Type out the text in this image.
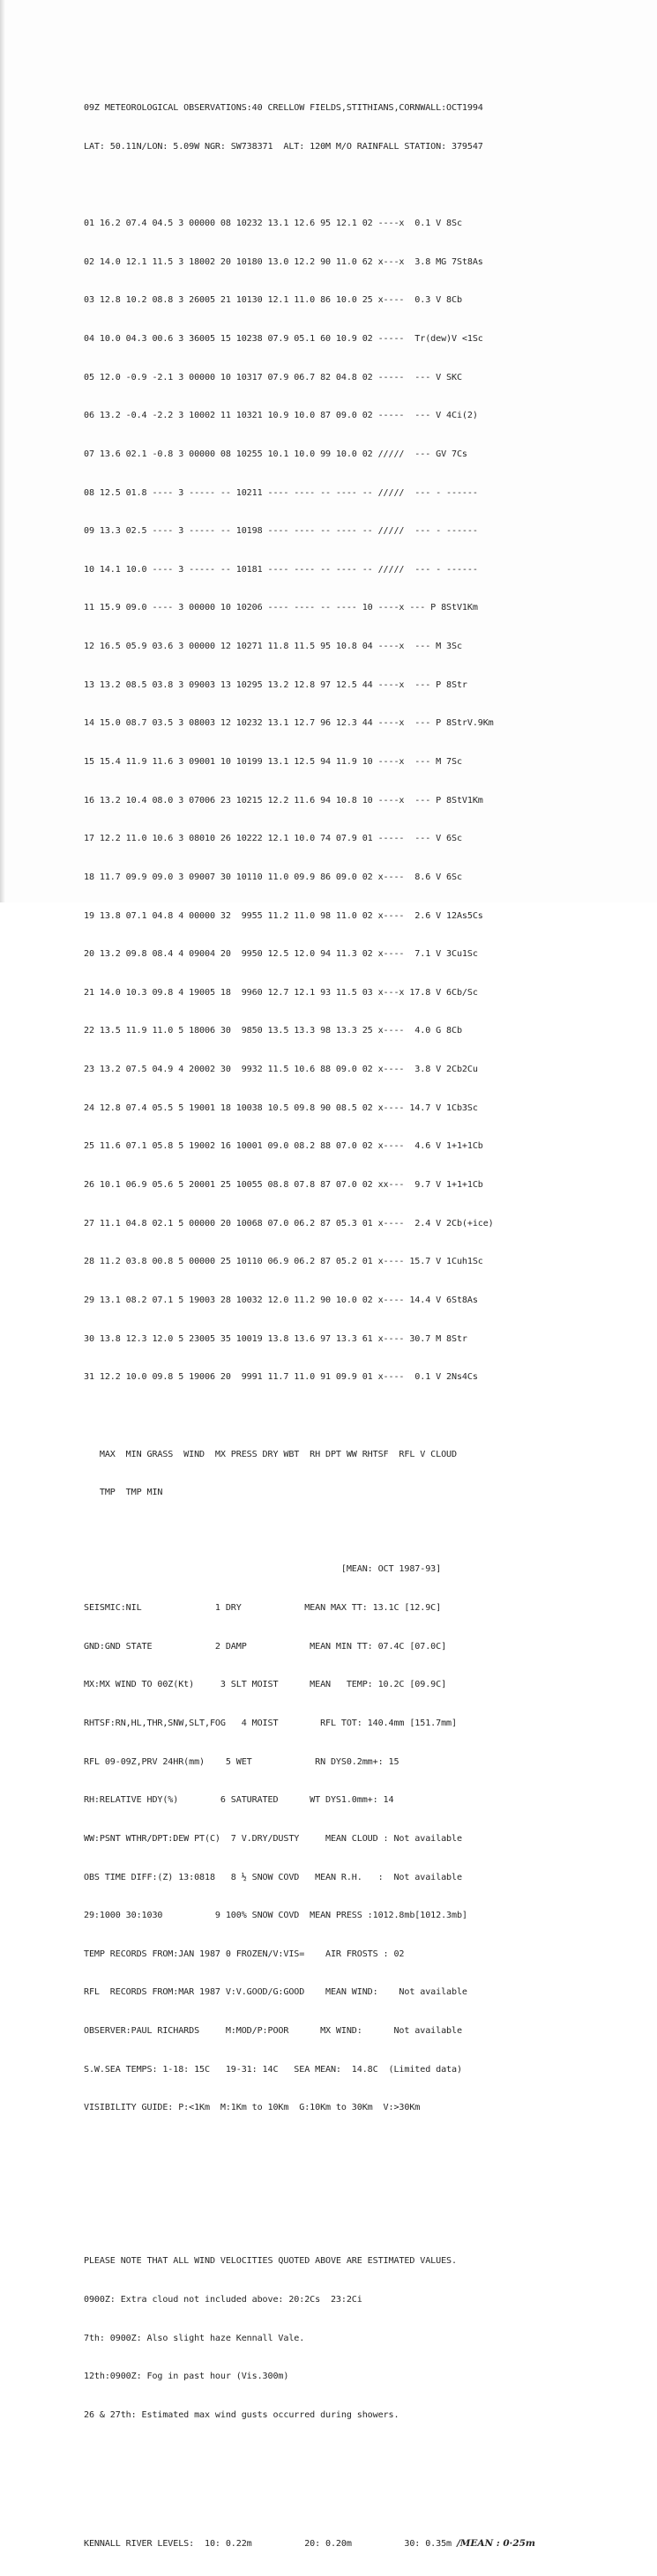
09Z METEOROLOGICAL OBSERVATIONS:40 CRELLOW FIELDS,STITHIANS,CORNWALL:OCT1994

LAT: 50.11N/LON: 5.09W NGR: SW738371  ALT: 120M M/O RAINFALL STATION: 379547

01 16.2 07.4 04.5 3 00000 08 10232 13.1 12.6 95 12.1 02 ----x  0.1 V 8Sc

02 14.0 12.1 11.5 3 18002 20 10180 13.0 12.2 90 11.0 62 x---x  3.8 MG 7St8As

03 12.8 10.2 08.8 3 26005 21 10130 12.1 11.0 86 10.0 25 x----  0.3 V 8Cb

04 10.0 04.3 00.6 3 36005 15 10238 07.9 05.1 60 10.9 02 -----  Tr(dew)V <1Sc

05 12.0 -0.9 -2.1 3 00000 10 10317 07.9 06.7 82 04.8 02 -----  --- V SKC

06 13.2 -0.4 -2.2 3 10002 11 10321 10.9 10.0 87 09.0 02 -----  --- V 4Ci(2)

07 13.6 02.1 -0.8 3 00000 08 10255 10.1 10.0 99 10.0 02 /////  --- GV 7Cs

08 12.5 01.8 ---- 3 ----- -- 10211 ---- ---- -- ---- -- /////  --- - ------

09 13.3 02.5 ---- 3 ----- -- 10198 ---- ---- -- ---- -- /////  --- - ------

10 14.1 10.0 ---- 3 ----- -- 10181 ---- ---- -- ---- -- /////  --- - ------

11 15.9 09.0 ---- 3 00000 10 10206 ---- ---- -- ---- 10 ----x --- P 8StV1Km

12 16.5 05.9 03.6 3 00000 12 10271 11.8 11.5 95 10.8 04 ----x  --- M 3Sc

13 13.2 08.5 03.8 3 09003 13 10295 13.2 12.8 97 12.5 44 ----x  --- P 8Str

14 15.0 08.7 03.5 3 08003 12 10232 13.1 12.7 96 12.3 44 ----x  --- P 8StrV.9Km

15 15.4 11.9 11.6 3 09001 10 10199 13.1 12.5 94 11.9 10 ----x  --- M 7Sc

16 13.2 10.4 08.0 3 07006 23 10215 12.2 11.6 94 10.8 10 ----x  --- P 8StV1Km

17 12.2 11.0 10.6 3 08010 26 10222 12.1 10.0 74 07.9 01 -----  --- V 6Sc

18 11.7 09.9 09.0 3 09007 30 10110 11.0 09.9 86 09.0 02 x----  8.6 V 6Sc

19 13.8 07.1 04.8 4 00000 32  9955 11.2 11.0 98 11.0 02 x----  2.6 V 12As5Cs

20 13.2 09.8 08.4 4 09004 20  9950 12.5 12.0 94 11.3 02 x----  7.1 V 3Cu1Sc

21 14.0 10.3 09.8 4 19005 18  9960 12.7 12.1 93 11.5 03 x---x 17.8 V 6Cb/Sc

22 13.5 11.9 11.0 5 18006 30  9850 13.5 13.3 98 13.3 25 x----  4.0 G 8Cb

23 13.2 07.5 04.9 4 20002 30  9932 11.5 10.6 88 09.0 02 x----  3.8 V 2Cb2Cu

24 12.8 07.4 05.5 5 19001 18 10038 10.5 09.8 90 08.5 02 x---- 14.7 V 1Cb3Sc

25 11.6 07.1 05.8 5 19002 16 10001 09.0 08.2 88 07.0 02 x----  4.6 V 1+1+1Cb

26 10.1 06.9 05.6 5 20001 25 10055 08.8 07.8 87 07.0 02 xx---  9.7 V 1+1+1Cb

27 11.1 04.8 02.1 5 00000 20 10068 07.0 06.2 87 05.3 01 x----  2.4 V 2Cb(+ice)

28 11.2 03.8 00.8 5 00000 25 10110 06.9 06.2 87 05.2 01 x---- 15.7 V 1Cuh1Sc

29 13.1 08.2 07.1 5 19003 28 10032 12.0 11.2 90 10.0 02 x---- 14.4 V 6St8As

30 13.8 12.3 12.0 5 23005 35 10019 13.8 13.6 97 13.3 61 x---- 30.7 M 8Str

31 12.2 10.0 09.8 5 19006 20  9991 11.7 11.0 91 09.9 01 x----  0.1 V 2Ns4Cs

MAX  MIN GRASS  WIND  MX PRESS DRY WBT  RH DPT WW RHTSF  RFL V CLOUD

TMP  TMP MIN

[MEAN: OCT 1987-93]

SEISMIC:NIL              1 DRY            MEAN MAX TT: 13.1C [12.9C]

GND:GND STATE            2 DAMP            MEAN MIN TT: 07.4C [07.0C]

MX:MX WIND TO 00Z(Kt)     3 SLT MOIST      MEAN   TEMP: 10.2C [09.9C]

RHTSF:RN,HL,THR,SNW,SLT,FOG   4 MOIST        RFL TOT: 140.4mm [151.7mm]

RFL 09-09Z,PRV 24HR(mm)    5 WET            RN DYS0.2mm+: 15

RH:RELATIVE HDY(%)        6 SATURATED      WT DYS1.0mm+: 14

WW:PSNT WTHR/DPT:DEW PT(C)  7 V.DRY/DUSTY     MEAN CLOUD : Not available

OBS TIME DIFF:(Z) 13:0818   8 ½ SNOW COVD   MEAN R.H.   :  Not available

29:1000 30:1030          9 100% SNOW COVD  MEAN PRESS :1012.8mb[1012.3mb]

TEMP RECORDS FROM:JAN 1987 0 FROZEN/V:VIS=    AIR FROSTS : 02

RFL  RECORDS FROM:MAR 1987 V:V.GOOD/G:GOOD    MEAN WIND:    Not available

OBSERVER:PAUL RICHARDS     M:MOD/P:POOR      MX WIND:      Not available

S.W.SEA TEMPS: 1-18: 15C   19-31: 14C   SEA MEAN:  14.8C  (Limited data)

VISIBILITY GUIDE: P:<1Km  M:1Km to 10Km  G:10Km to 30Km  V:>30Km

PLEASE NOTE THAT ALL WIND VELOCITIES QUOTED ABOVE ARE ESTIMATED VALUES.

0900Z: Extra cloud not included above: 20:2Cs  23:2Ci

7th: 0900Z: Also slight haze Kennall Vale.

12th:0900Z: Fog in past hour (Vis.300m)

26 & 27th: Estimated max wind gusts occurred during showers.

KENNALL RIVER LEVELS:  10: 0.22m          20: 0.20m          30: 0.35m /MEAN : 0·25m
